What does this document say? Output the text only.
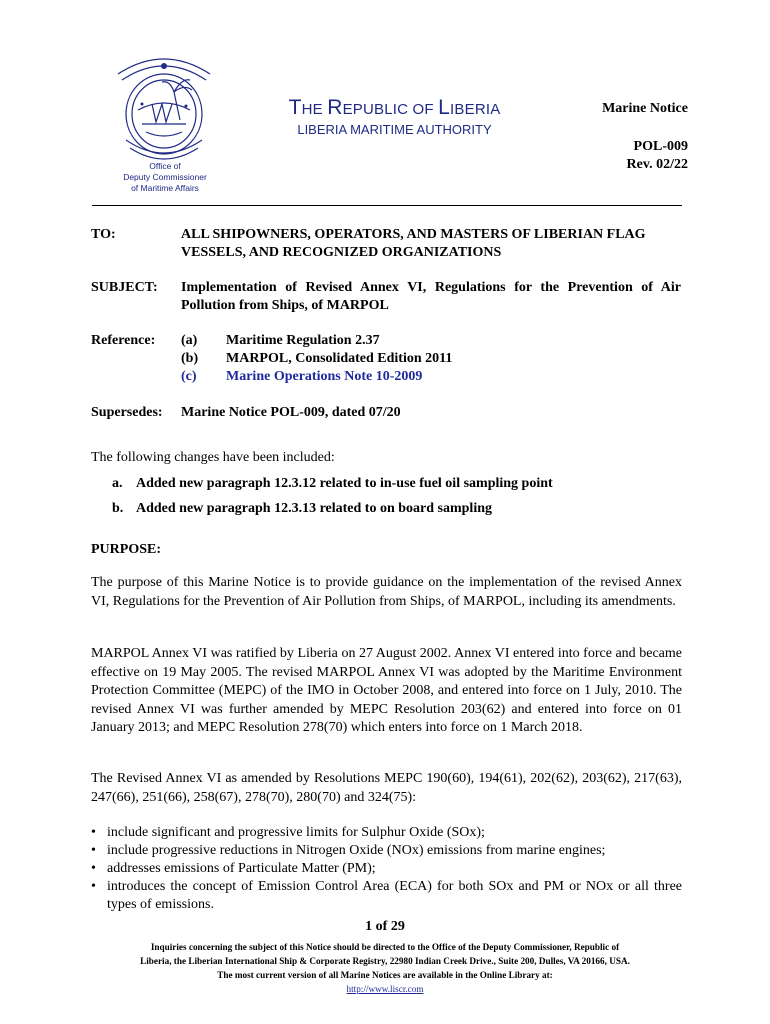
Office of
Deputy Commissioner
of Maritime Affairs
THE REPUBLIC OF LIBERIA
LIBERIA MARITIME AUTHORITY
Marine Notice
POL-009
Rev. 02/22
TO:	ALL SHIPOWNERS, OPERATORS, AND MASTERS OF LIBERIAN FLAG VESSELS, AND RECOGNIZED ORGANIZATIONS
SUBJECT: Implementation of Revised Annex VI, Regulations for the Prevention of Air Pollution from Ships, of MARPOL
Reference: (a) Maritime Regulation 2.37
(b) MARPOL, Consolidated Edition 2011
(c) Marine Operations Note 10-2009
Supersedes: Marine Notice POL-009, dated 07/20
The following changes have been included:
a. Added new paragraph 12.3.12 related to in-use fuel oil sampling point
b. Added new paragraph 12.3.13 related to on board sampling
PURPOSE:
The purpose of this Marine Notice is to provide guidance on the implementation of the revised Annex VI, Regulations for the Prevention of Air Pollution from Ships, of MARPOL, including its amendments.
MARPOL Annex VI was ratified by Liberia on 27 August 2002. Annex VI entered into force and became effective on 19 May 2005. The revised MARPOL Annex VI was adopted by the Maritime Environment Protection Committee (MEPC) of the IMO in October 2008, and entered into force on 1 July, 2010. The revised Annex VI was further amended by MEPC Resolution 203(62) and entered into force on 01 January 2013; and MEPC Resolution 278(70) which enters into force on 1 March 2018.
The Revised Annex VI as amended by Resolutions MEPC 190(60), 194(61), 202(62), 203(62), 217(63), 247(66), 251(66), 258(67), 278(70), 280(70) and 324(75):
• include significant and progressive limits for Sulphur Oxide (SOx);
• include progressive reductions in Nitrogen Oxide (NOx) emissions from marine engines;
• addresses emissions of Particulate Matter (PM);
• introduces the concept of Emission Control Area (ECA) for both SOx and PM or NOx or all three types of emissions.
1 of 29
Inquiries concerning the subject of this Notice should be directed to the Office of the Deputy Commissioner, Republic of
Liberia, the Liberian International Ship & Corporate Registry, 22980 Indian Creek Drive., Suite 200, Dulles, VA 20166, USA.
The most current version of all Marine Notices are available in the Online Library at:
http://www.liscr.com
